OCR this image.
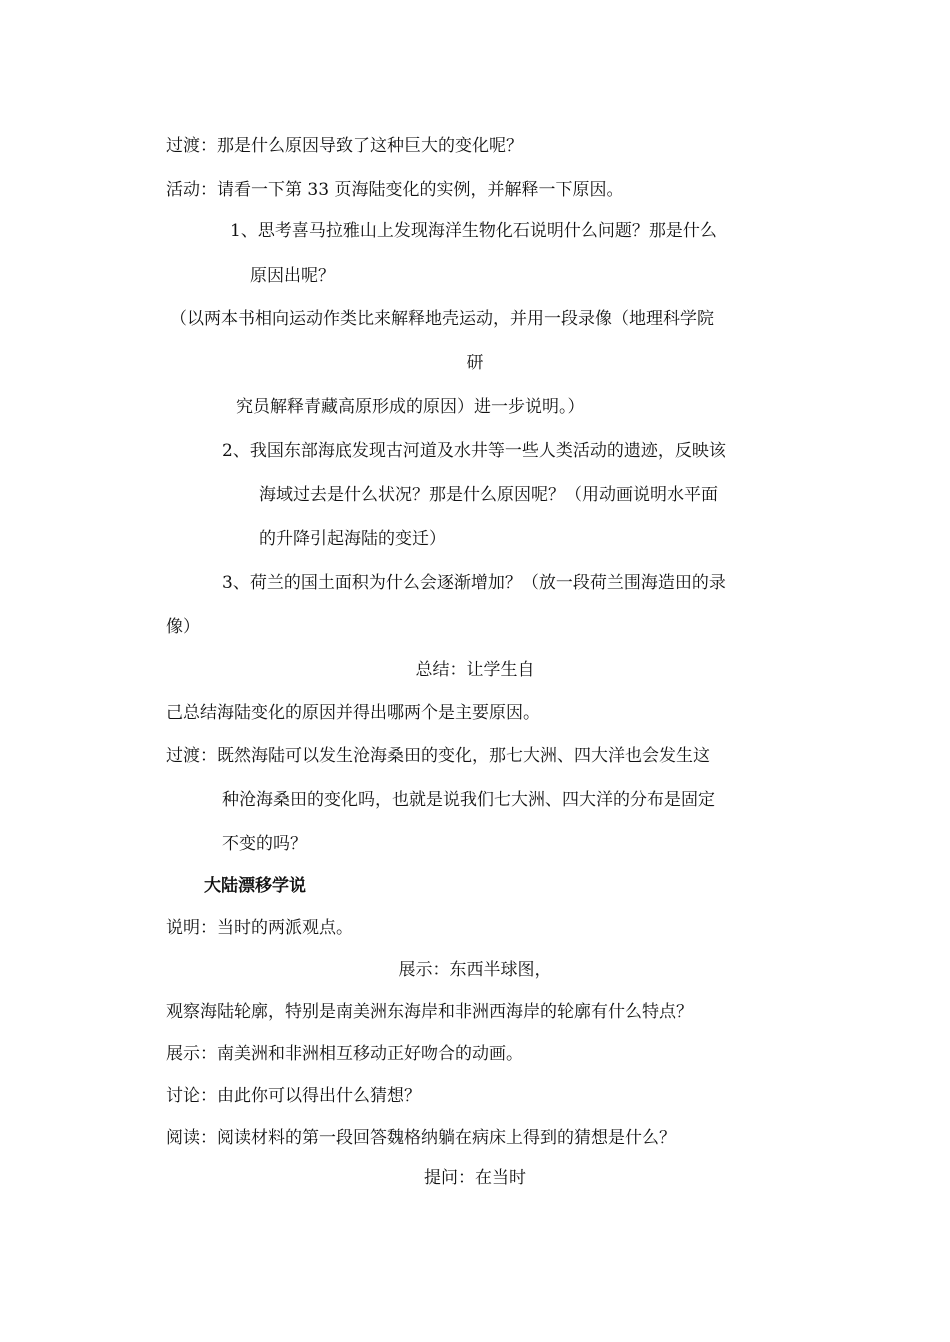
过渡：那是什么原因导致了这种巨大的变化呢？
活动：请看一下第 33 页海陆变化的实例，并解释一下原因。
1、思考喜马拉雅山上发现海洋生物化石说明什么问题？那是什么
原因出呢？
（以两本书相向运动作类比来解释地壳运动，并用一段录像（地理科学院
研
究员解释青藏高原形成的原因）进一步说明。）
2、我国东部海底发现古河道及水井等一些人类活动的遗迹，反映该
海域过去是什么状况？那是什么原因呢？（用动画说明水平面
的升降引起海陆的变迁）
3、荷兰的国土面积为什么会逐渐增加？（放一段荷兰围海造田的录
像）
总结：让学生自
己总结海陆变化的原因并得出哪两个是主要原因。
过渡：既然海陆可以发生沧海桑田的变化，那七大洲、四大洋也会发生这
种沧海桑田的变化吗，也就是说我们七大洲、四大洋的分布是固定
不变的吗？
大陆漂移学说
说明：当时的两派观点。
展示：东西半球图，
观察海陆轮廓，特别是南美洲东海岸和非洲西海岸的轮廓有什么特点？
展示：南美洲和非洲相互移动正好吻合的动画。
讨论：由此你可以得出什么猜想？
阅读：阅读材料的第一段回答魏格纳躺在病床上得到的猜想是什么？
提问：在当时
